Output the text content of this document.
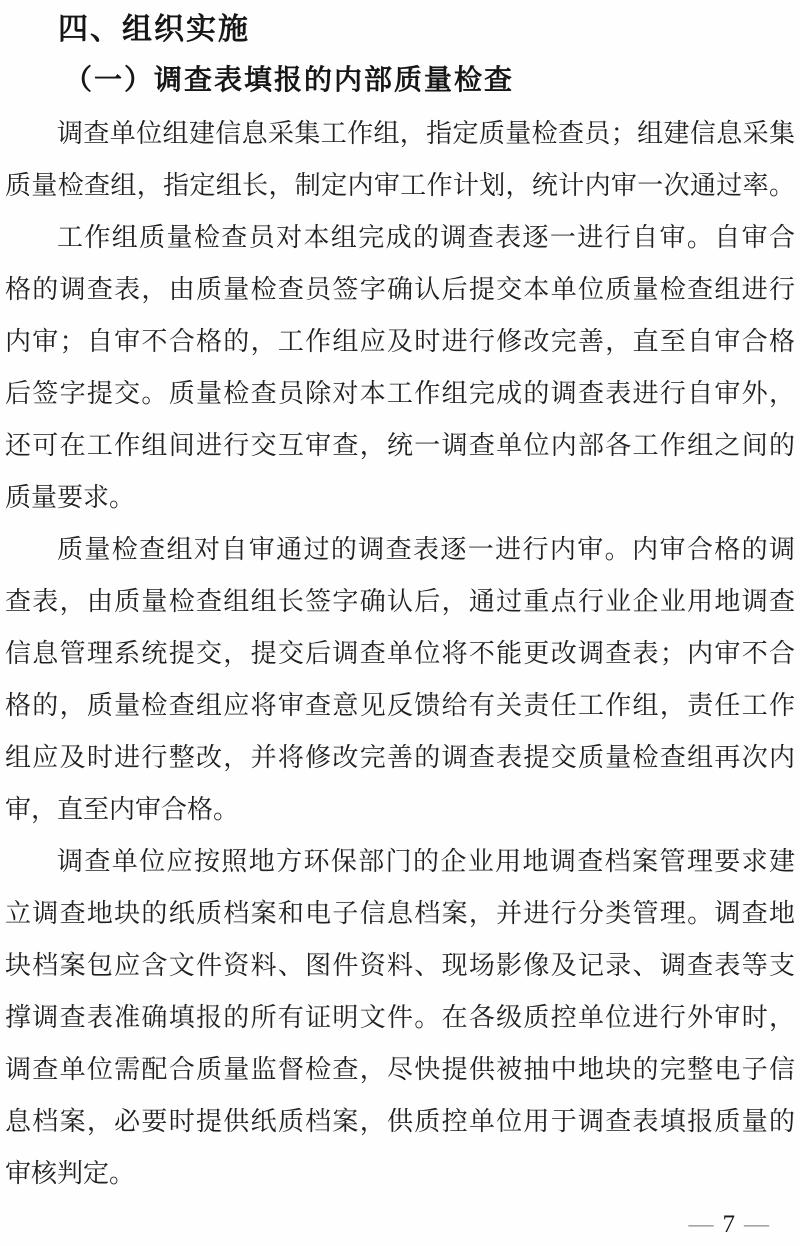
四、组织实施
（一）调查表填报的内部质量检查
调查单位组建信息采集工作组，指定质量检查员；组建信息采集
质量检查组，指定组长，制定内审工作计划，统计内审一次通过率。
工作组质量检查员对本组完成的调查表逐一进行自审。自审合
格的调查表，由质量检查员签字确认后提交本单位质量检查组进行
内审；自审不合格的，工作组应及时进行修改完善，直至自审合格
后签字提交。质量检查员除对本工作组完成的调查表进行自审外，
还可在工作组间进行交互审查，统一调查单位内部各工作组之间的
质量要求。
质量检查组对自审通过的调查表逐一进行内审。内审合格的调
查表，由质量检查组组长签字确认后，通过重点行业企业用地调查
信息管理系统提交，提交后调查单位将不能更改调查表；内审不合
格的，质量检查组应将审查意见反馈给有关责任工作组，责任工作
组应及时进行整改，并将修改完善的调查表提交质量检查组再次内
审，直至内审合格。
调查单位应按照地方环保部门的企业用地调查档案管理要求建
立调查地块的纸质档案和电子信息档案，并进行分类管理。调查地
块档案包应含文件资料、图件资料、现场影像及记录、调查表等支
撑调查表准确填报的所有证明文件。在各级质控单位进行外审时，
调查单位需配合质量监督检查，尽快提供被抽中地块的完整电子信
息档案，必要时提供纸质档案，供质控单位用于调查表填报质量的
审核判定。
— 7 —
